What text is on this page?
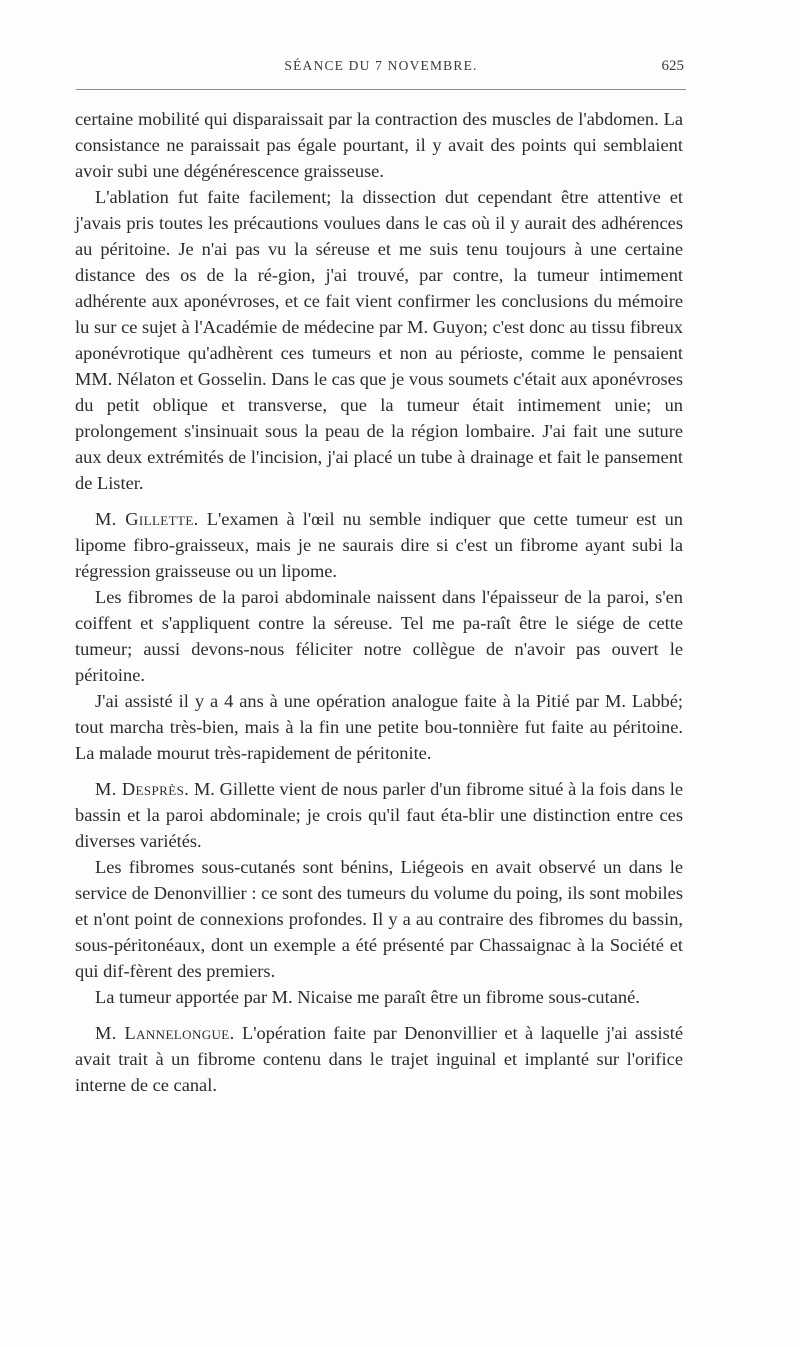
SÉANCE DU 7 NOVEMBRE.	625

certaine mobilité qui disparaissait par la contraction des muscles de l'abdomen. La consistance ne paraissait pas égale pourtant, il y avait des points qui semblaient avoir subi une dégénérescence graisseuse.

L'ablation fut faite facilement; la dissection dut cependant être attentive et j'avais pris toutes les précautions voulues dans le cas où il y aurait des adhérences au péritoine. Je n'ai pas vu la séreuse et me suis tenu toujours à une certaine distance des os de la ré-gion, j'ai trouvé, par contre, la tumeur intimement adhérente aux aponévroses, et ce fait vient confirmer les conclusions du mémoire lu sur ce sujet à l'Académie de médecine par M. Guyon; c'est donc au tissu fibreux aponévrotique qu'adhèrent ces tumeurs et non au périoste, comme le pensaient MM. Nélaton et Gosselin. Dans le cas que je vous soumets c'était aux aponévroses du petit oblique et transverse, que la tumeur était intimement unie; un prolongement s'insinuait sous la peau de la région lombaire. J'ai fait une suture aux deux extrémités de l'incision, j'ai placé un tube à drainage et fait le pansement de Lister.

M. Gillette. L'examen à l'œil nu semble indiquer que cette tumeur est un lipome fibro-graisseux, mais je ne saurais dire si c'est un fibrome ayant subi la régression graisseuse ou un lipome.

Les fibromes de la paroi abdominale naissent dans l'épaisseur de la paroi, s'en coiffent et s'appliquent contre la séreuse. Tel me pa-raît être le siége de cette tumeur; aussi devons-nous féliciter notre collègue de n'avoir pas ouvert le péritoine.

J'ai assisté il y a 4 ans à une opération analogue faite à la Pitié par M. Labbé; tout marcha très-bien, mais à la fin une petite bou-tonnière fut faite au péritoine. La malade mourut très-rapidement de péritonite.

M. Desprès. M. Gillette vient de nous parler d'un fibrome situé à la fois dans le bassin et la paroi abdominale; je crois qu'il faut éta-blir une distinction entre ces diverses variétés.

Les fibromes sous-cutanés sont bénins, Liégeois en avait observé un dans le service de Denonvillier : ce sont des tumeurs du volume du poing, ils sont mobiles et n'ont point de connexions profondes. Il y a au contraire des fibromes du bassin, sous-péritonéaux, dont un exemple a été présenté par Chassaignac à la Société et qui dif-fèrent des premiers.

La tumeur apportée par M. Nicaise me paraît être un fibrome sous-cutané.

M. Lannelongue. L'opération faite par Denonvillier et à laquelle j'ai assisté avait trait à un fibrome contenu dans le trajet inguinal et implanté sur l'orifice interne de ce canal.
